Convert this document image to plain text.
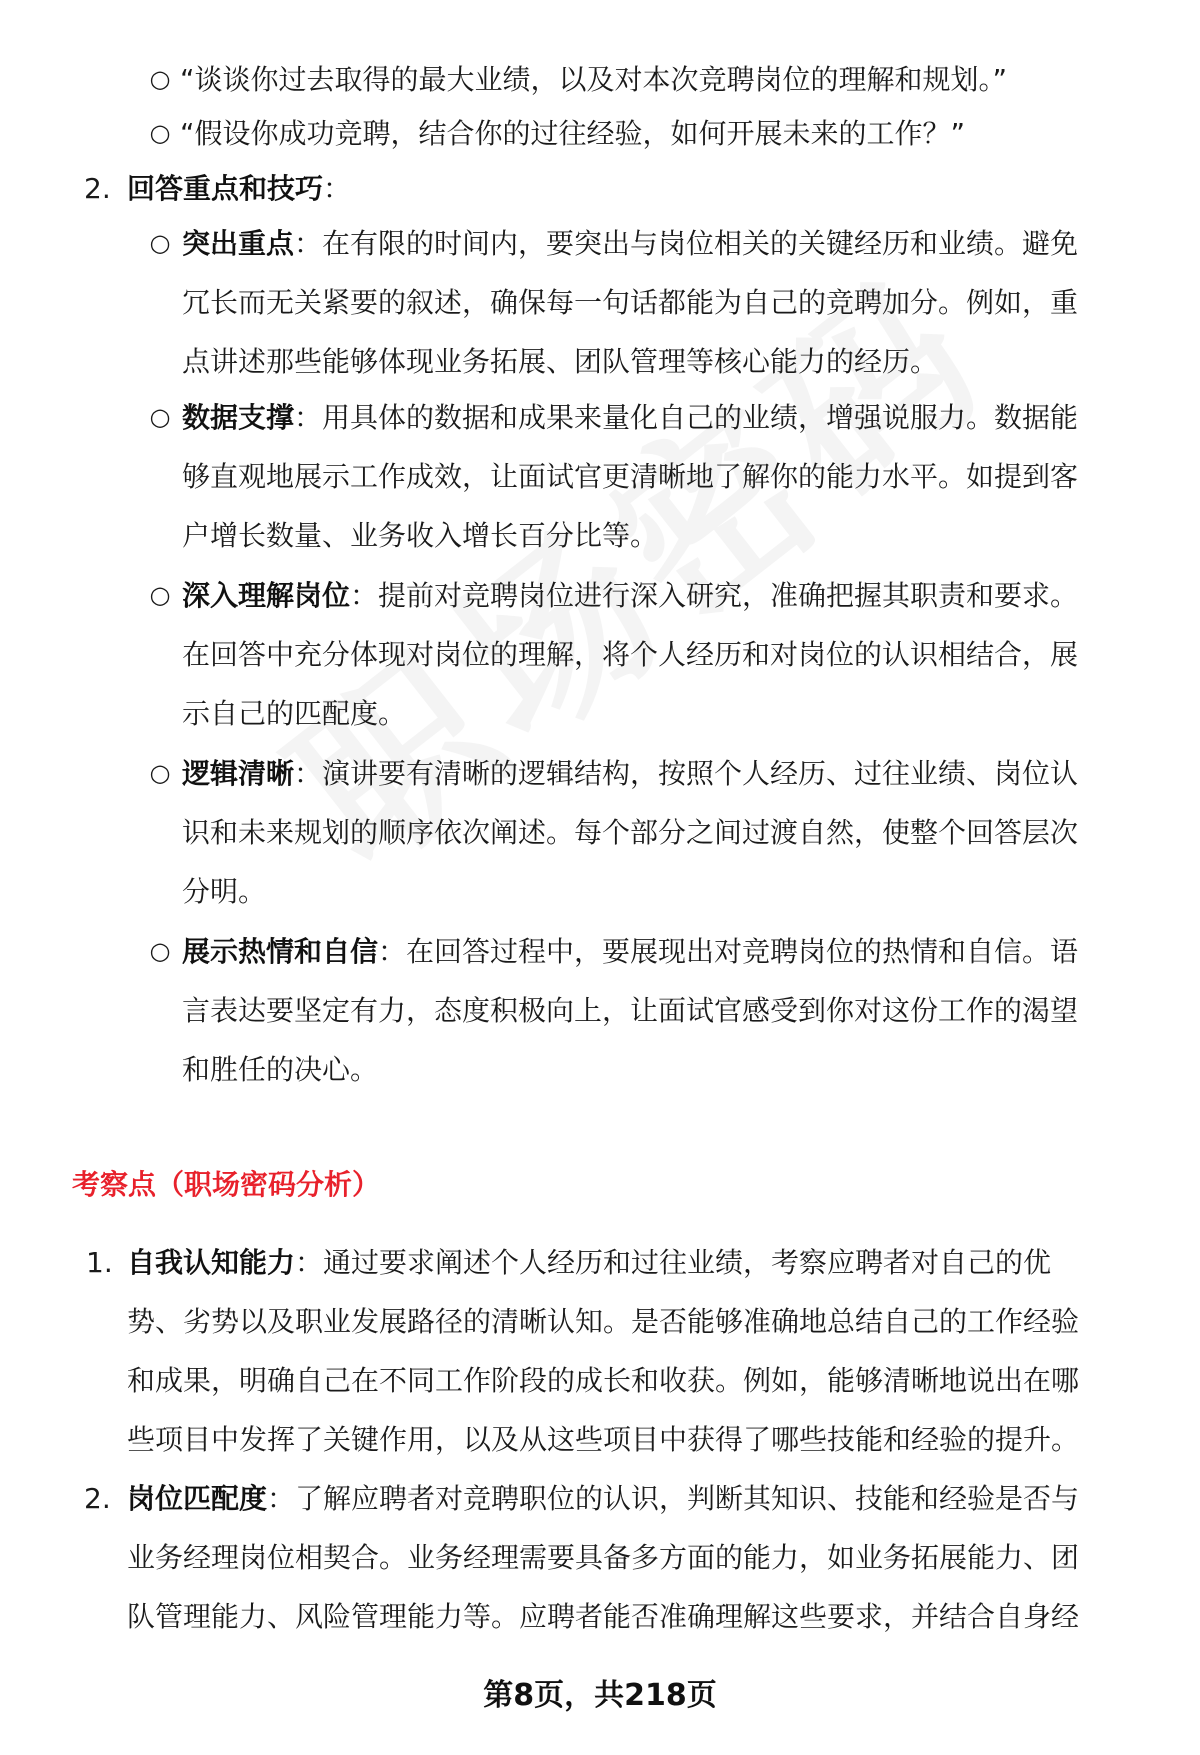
○ “谈谈你过去取得的最大业绩，以及对本次竞聘岗位的理解和规划。”
○ “假设你成功竞聘，结合你的过往经验，如何开展未来的工作？”
2. 回答重点和技巧：
○ 突出重点：在有限的时间内，要突出与岗位相关的关键经历和业绩。避免
冗长而无关紧要的叙述，确保每一句话都能为自己的竞聘加分。例如，重
点讲述那些能够体现业务拓展、团队管理等核心能力的经历。
○ 数据支撑：用具体的数据和成果来量化自己的业绩，增强说服力。数据能
够直观地展示工作成效，让面试官更清晰地了解你的能力水平。如提到客
户增长数量、业务收入增长百分比等。
○ 深入理解岗位：提前对竞聘岗位进行深入研究，准确把握其职责和要求。
在回答中充分体现对岗位的理解，将个人经历和对岗位的认识相结合，展
示自己的匹配度。
○ 逻辑清晰：演讲要有清晰的逻辑结构，按照个人经历、过往业绩、岗位认
识和未来规划的顺序依次阐述。每个部分之间过渡自然，使整个回答层次
分明。
○ 展示热情和自信：在回答过程中，要展现出对竞聘岗位的热情和自信。语
言表达要坚定有力，态度积极向上，让面试官感受到你对这份工作的渴望
和胜任的决心。
考察点（职场密码分析）
1. 自我认知能力：通过要求阐述个人经历和过往业绩，考察应聘者对自己的优
势、劣势以及职业发展路径的清晰认知。是否能够准确地总结自己的工作经验
和成果，明确自己在不同工作阶段的成长和收获。例如，能够清晰地说出在哪
些项目中发挥了关键作用，以及从这些项目中获得了哪些技能和经验的提升。
2. 岗位匹配度：了解应聘者对竞聘职位的认识，判断其知识、技能和经验是否与
业务经理岗位相契合。业务经理需要具备多方面的能力，如业务拓展能力、团
队管理能力、风险管理能力等。应聘者能否准确理解这些要求，并结合自身经
第8页，共218页
